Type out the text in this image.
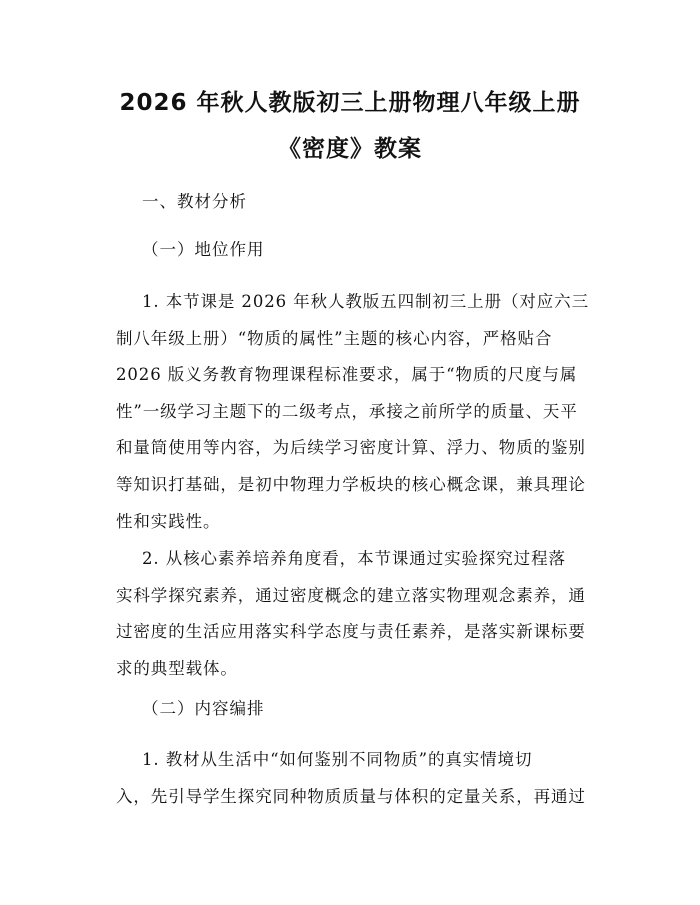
2026 年秋人教版初三上册物理八年级上册
《密度》教案

一、教材分析

（一）地位作用

1. 本节课是 2026 年秋人教版五四制初三上册（对应六三
制八年级上册）“物质的属性”主题的核心内容，严格贴合
2026 版义务教育物理课程标准要求，属于“物质的尺度与属
性”一级学习主题下的二级考点，承接之前所学的质量、天平
和量筒使用等内容，为后续学习密度计算、浮力、物质的鉴别
等知识打基础，是初中物理力学板块的核心概念课，兼具理论
性和实践性。

2. 从核心素养培养角度看，本节课通过实验探究过程落
实科学探究素养，通过密度概念的建立落实物理观念素养，通
过密度的生活应用落实科学态度与责任素养，是落实新课标要
求的典型载体。

（二）内容编排

1. 教材从生活中“如何鉴别不同物质”的真实情境切
入，先引导学生探究同种物质质量与体积的定量关系，再通过
